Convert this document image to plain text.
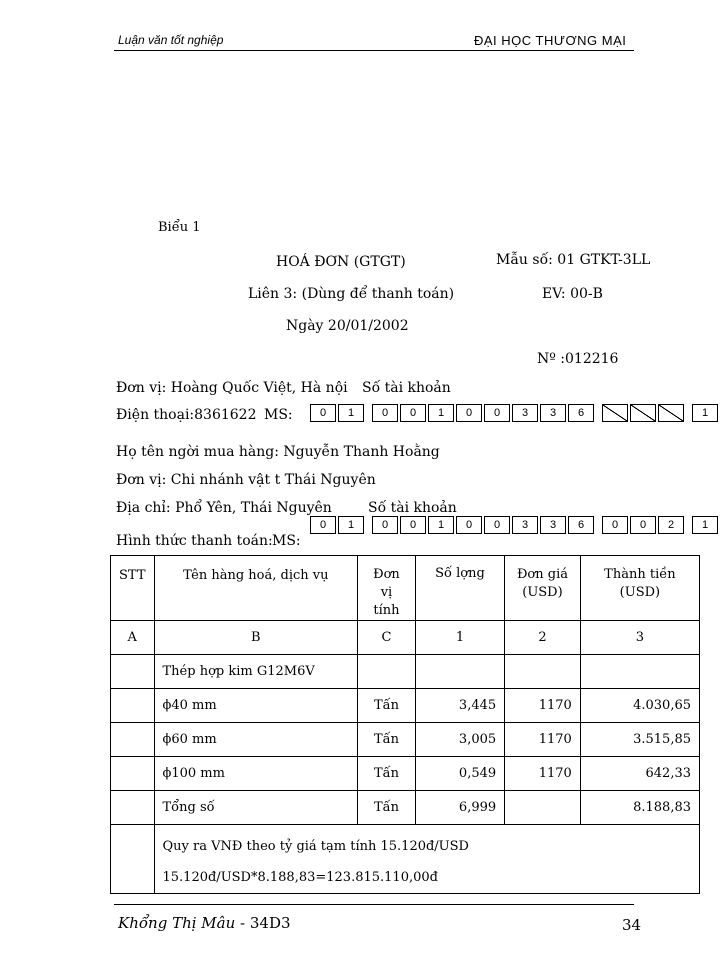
Luận văn tốt nghiệp	ĐẠI HỌC THƯƠNG MẠI
Biểu 1
HOÁ ĐƠN (GTGT)	Mẫu số: 01 GTKT-3LL
Liên 3: (Dùng để thanh toán)	EV: 00-B
Ngày 20/01/2002
Nº :012216
Đơn vị: Hoàng Quốc Việt, Hà nội Số tài khoản
Điện thoại:8361622 MS:	0	1	0	0	1	0	0	3	3	6	1
Họ tên ngời mua hàng: Nguyễn Thanh Hoằng
Đơn vị: Chi nhánh vật t Thái Nguyên
Địa chỉ: Phổ Yên, Thái Nguyên	Số tài khoản
Hình thức thanh toán: MS:
0	1	0	0	1	0	0	3	3	6	0	0	2	1
STT	Tên hàng hoá, dịch vụ	Đơn vị tính	Số lợng	Đơn giá (USD)	Thành tiền (USD)
A	B	C	1	2	3
	Thép hợp kim G12M6V				
	ϕ40 mm	Tấn	3,445	1170	4.030,65
	ϕ60 mm	Tấn	3,005	1170	3.515,85
	ϕ100 mm	Tấn	0,549	1170	642,33
	Tổng số	Tấn	6,999		8.188,83

	Quy ra VNĐ theo tỷ giá tạm tính 15.120đ/USD
15.120đ/USD*8.188,83=123.815.110,00đ				
Khổng Thị Mâu - 34D3	34
